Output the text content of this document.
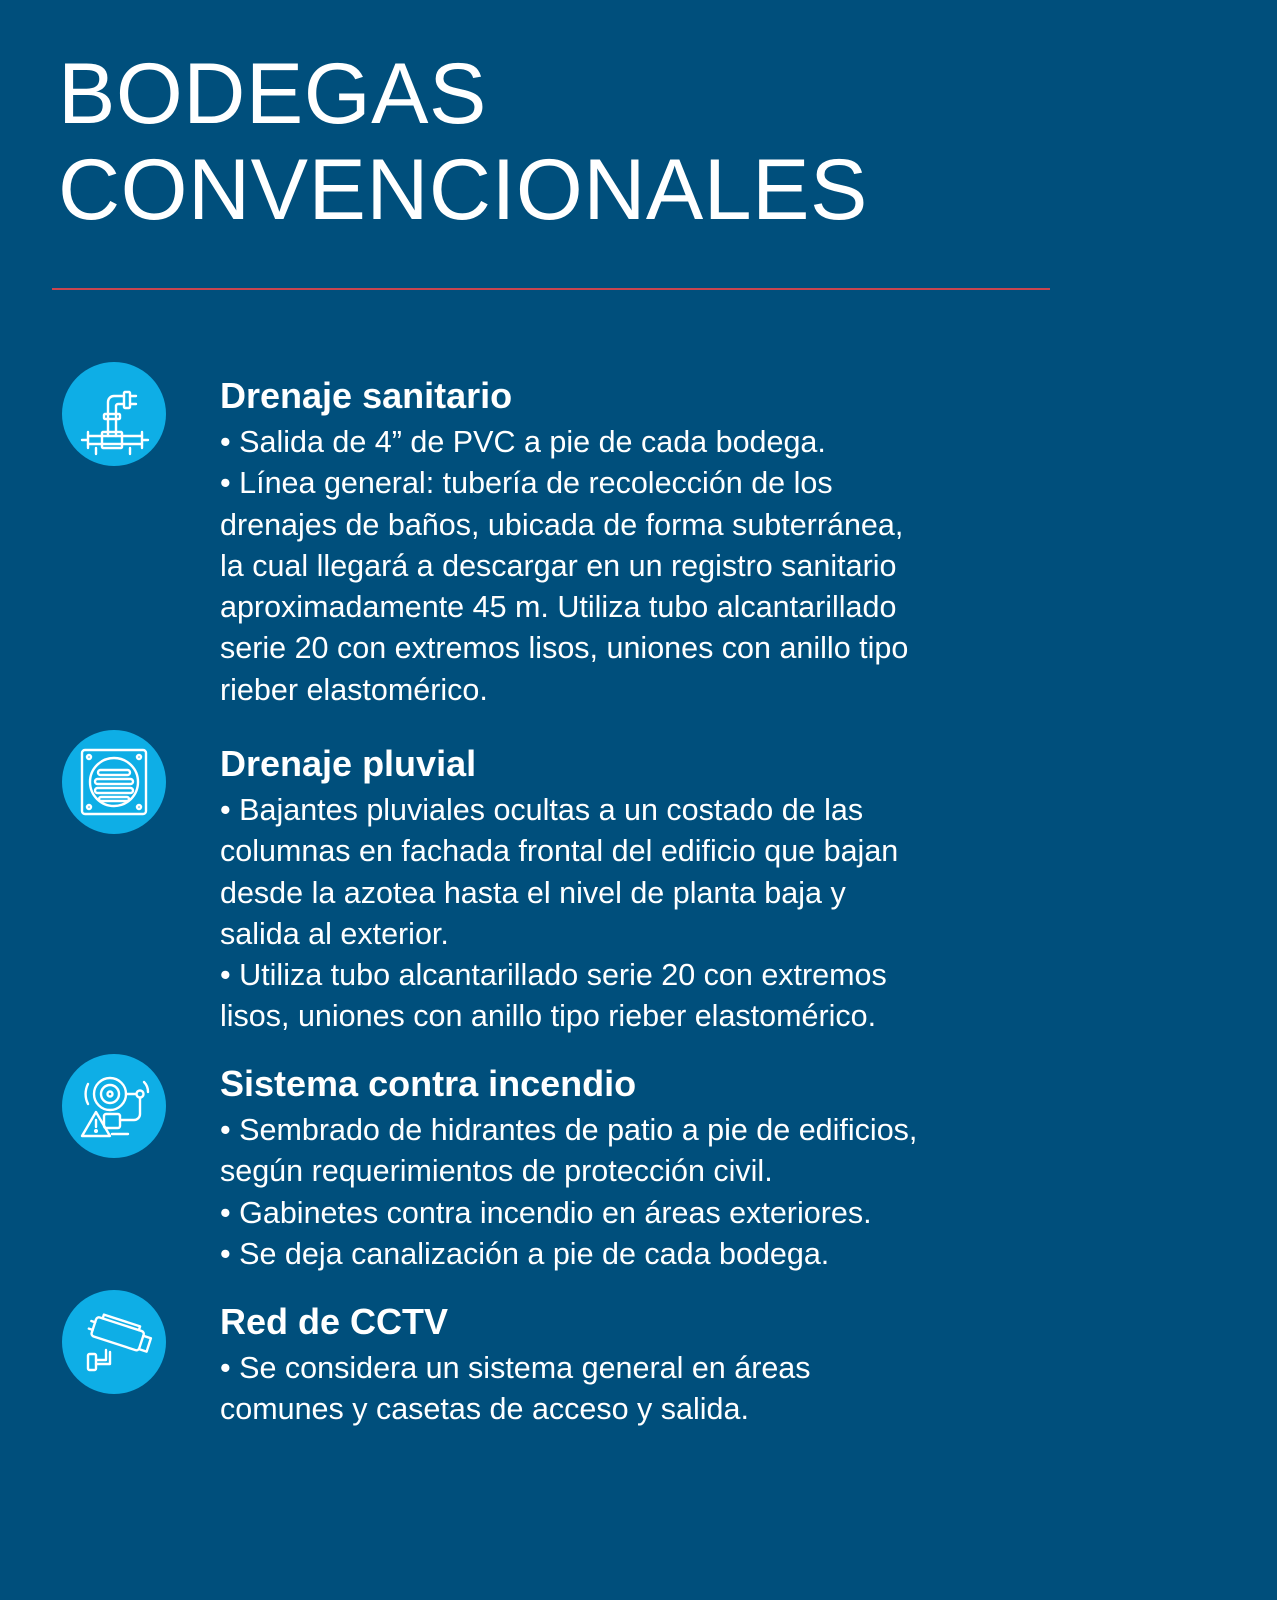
BODEGAS
CONVENCIONALES

Drenaje sanitario

• Salida de 4” de PVC a pie de cada bodega.

• Línea general: tubería de recolección de los

drenajes de baños, ubicada de forma subterránea,

la cual llegará a descargar en un registro sanitario

aproximadamente 45 m. Utiliza tubo alcantarillado

serie 20 con extremos lisos, uniones con anillo tipo

rieber elastomérico.

Drenaje pluvial

• Bajantes pluviales ocultas a un costado de las

columnas en fachada frontal del edificio que bajan

desde la azotea hasta el nivel de planta baja y

salida al exterior.

• Utiliza tubo alcantarillado serie 20 con extremos

lisos, uniones con anillo tipo rieber elastomérico.

Sistema contra incendio

• Sembrado de hidrantes de patio a pie de edificios,

según requerimientos de protección civil.

• Gabinetes contra incendio en áreas exteriores.

• Se deja canalización a pie de cada bodega.

Red de CCTV

• Se considera un sistema general en áreas

comunes y casetas de acceso y salida.
